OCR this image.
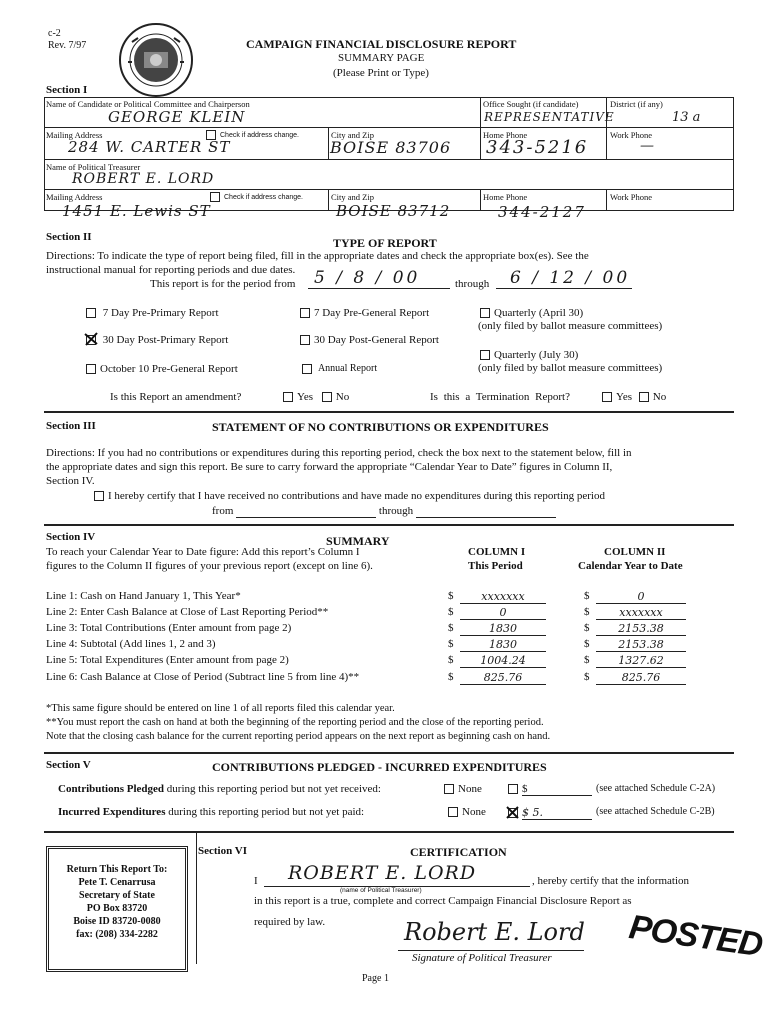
c-2
Rev. 7/97	CAMPAIGN FINANCIAL DISCLOSURE REPORT
SUMMARY PAGE
(Please Print or Type)
Section I
Name of Candidate or Political Committee and Chairperson
GEORGE KLEIN
Office Sought (if candidate)
REPRESENTATIVE
District (if any)
13 a
Mailing Address
284 W. CARTER ST
Check if address change.	City and Zip
BOISE 83706
Home Phone
343-5216
Work Phone
—
Name of Political Treasurer
ROBERT E. LORD
Mailing Address
1451 E. Lewis ST
Check if address change.	City and Zip
BOISE 83712
Home Phone
344-2127
Work Phone
Section II	TYPE OF REPORT
Directions: To indicate the type of report being filed, fill in the appropriate dates and check the appropriate box(es). See the
instructional manual for reporting periods and due dates.
This report is for the period from	5 / 8 / 00	through	6 / 12 / 00
7 Day Pre-Primary Report	7 Day Pre-General Report	Quarterly (April 30)
(only filed by ballot measure committees)
30 Day Post-Primary Report	30 Day Post-General Report
Quarterly (July 30)
(only filed by ballot measure committees)
October 10 Pre-General Report	Annual Report
Is this Report an amendment?	Yes No	Is this a Termination Report?	Yes No
Section III	STATEMENT OF NO CONTRIBUTIONS OR EXPENDITURES
Directions: If you had no contributions or expenditures during this reporting period, check the box next to the statement below, fill in
the appropriate dates and sign this report. Be sure to carry forward the appropriate “Calendar Year to Date” figures in Column II,
Section IV.
I hereby certify that I have received no contributions and have made no expenditures during this reporting period
from	through
Section IV	SUMMARY
To reach your Calendar Year to Date figure: Add this report’s Column I
figures to the Column II figures of your previous report (except on line 6).
COLUMN I
This Period
COLUMN II
Calendar Year to Date
Line 1: Cash on Hand January 1, This Year*	$	xxxxxxx	$	0
Line 2: Enter Cash Balance at Close of Last Reporting Period**	$	0	$	xxxxxxx
Line 3: Total Contributions (Enter amount from page 2)	$	1830	$	2153.38
Line 4: Subtotal (Add lines 1, 2 and 3)	$	1830	$	2153.38
Line 5: Total Expenditures (Enter amount from page 2)	$	1004.24	$	1327.62
Line 6: Cash Balance at Close of Period (Subtract line 5 from line 4)**	$	825.76	$	825.76
*This same figure should be entered on line 1 of all reports filed this calendar year.
**You must report the cash on hand at both the beginning of the reporting period and the close of the reporting period.
Note that the closing cash balance for the current reporting period appears on the next report as beginning cash on hand.
Section V	CONTRIBUTIONS PLEDGED - INCURRED EXPENDITURES
Contributions Pledged during this reporting period but not yet received:	None	$	(see attached Schedule C-2A)
Incurred Expenditures during this reporting period but not yet paid:	None	$ 5.	(see attached Schedule C-2B)
Return This Report To:
Pete T. Cenarrusa
Secretary of State
PO Box 83720
Boise ID 83720-0080
fax: (208) 334-2282
Section VI	CERTIFICATION
I	ROBERT E. LORD
(name of Political Treasurer)
, hereby certify that the information
in this report is a true, complete and correct Campaign Financial Disclosure Report as
required by law.	Robert E. Lord
Signature of Political Treasurer POSTED
Page 1
